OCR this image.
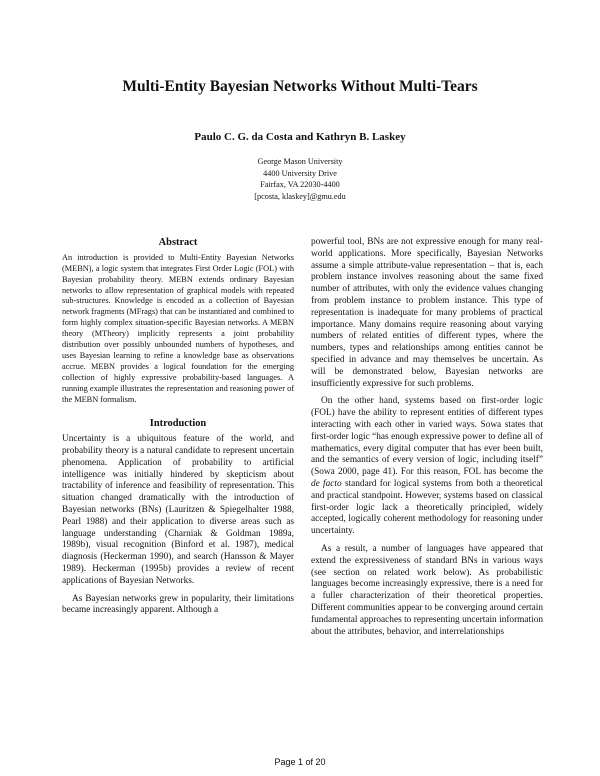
Multi-Entity Bayesian Networks Without Multi-Tears
Paulo C. G. da Costa and Kathryn B. Laskey
George Mason University
4400 University Drive
Fairfax, VA 22030-4400
[pcosta, klaskey]@gmu.edu
Abstract

An introduction is provided to Multi-Entity Bayesian Networks (MEBN), a logic system that integrates First Order Logic (FOL) with Bayesian probability theory. MEBN extends ordinary Bayesian networks to allow representation of graphical models with repeated sub-structures. Knowledge is encoded as a collection of Bayesian network fragments (MFrags) that can be instantiated and combined to form highly complex situation-specific Bayesian networks. A MEBN theory (MTheory) implicitly represents a joint probability distribution over possibly unbounded numbers of hypotheses, and uses Bayesian learning to refine a knowledge base as observations accrue. MEBN provides a logical foundation for the emerging collection of highly expressive probability-based languages. A running example illustrates the representation and reasoning power of the MEBN formalism.

Introduction

Uncertainty is a ubiquitous feature of the world, and probability theory is a natural candidate to represent uncertain phenomena. Application of probability to artificial intelligence was initially hindered by skepticism about tractability of inference and feasibility of representation. This situation changed dramatically with the introduction of Bayesian networks (BNs) (Lauritzen & Spiegelhalter 1988, Pearl 1988) and their application to diverse areas such as language understanding (Charniak & Goldman 1989a, 1989b), visual recognition (Binford et al. 1987), medical diagnosis (Heckerman 1990), and search (Hansson & Mayer 1989). Heckerman (1995b) provides a review of recent applications of Bayesian Networks.

As Bayesian networks grew in popularity, their limitations became increasingly apparent. Although a

powerful tool, BNs are not expressive enough for many real-world applications. More specifically, Bayesian Networks assume a simple attribute-value representation – that is, each problem instance involves reasoning about the same fixed number of attributes, with only the evidence values changing from problem instance to problem instance. This type of representation is inadequate for many problems of practical importance. Many domains require reasoning about varying numbers of related entities of different types, where the numbers, types and relationships among entities cannot be specified in advance and may themselves be uncertain. As will be demonstrated below, Bayesian networks are insufficiently expressive for such problems.

On the other hand, systems based on first-order logic (FOL) have the ability to represent entities of different types interacting with each other in varied ways. Sowa states that first-order logic “has enough expressive power to define all of mathematics, every digital computer that has ever been built, and the semantics of every version of logic, including itself” (Sowa 2000, page 41). For this reason, FOL has become the de facto standard for logical systems from both a theoretical and practical standpoint. However, systems based on classical first-order logic lack a theoretically principled, widely accepted, logically coherent methodology for reasoning under uncertainty.

As a result, a number of languages have appeared that extend the expressiveness of standard BNs in various ways (see section on related work below). As probabilistic languages become increasingly expressive, there is a need for a fuller characterization of their theoretical properties. Different communities appear to be converging around certain fundamental approaches to representing uncertain information about the attributes, behavior, and interrelationships

Page 1 of 20
